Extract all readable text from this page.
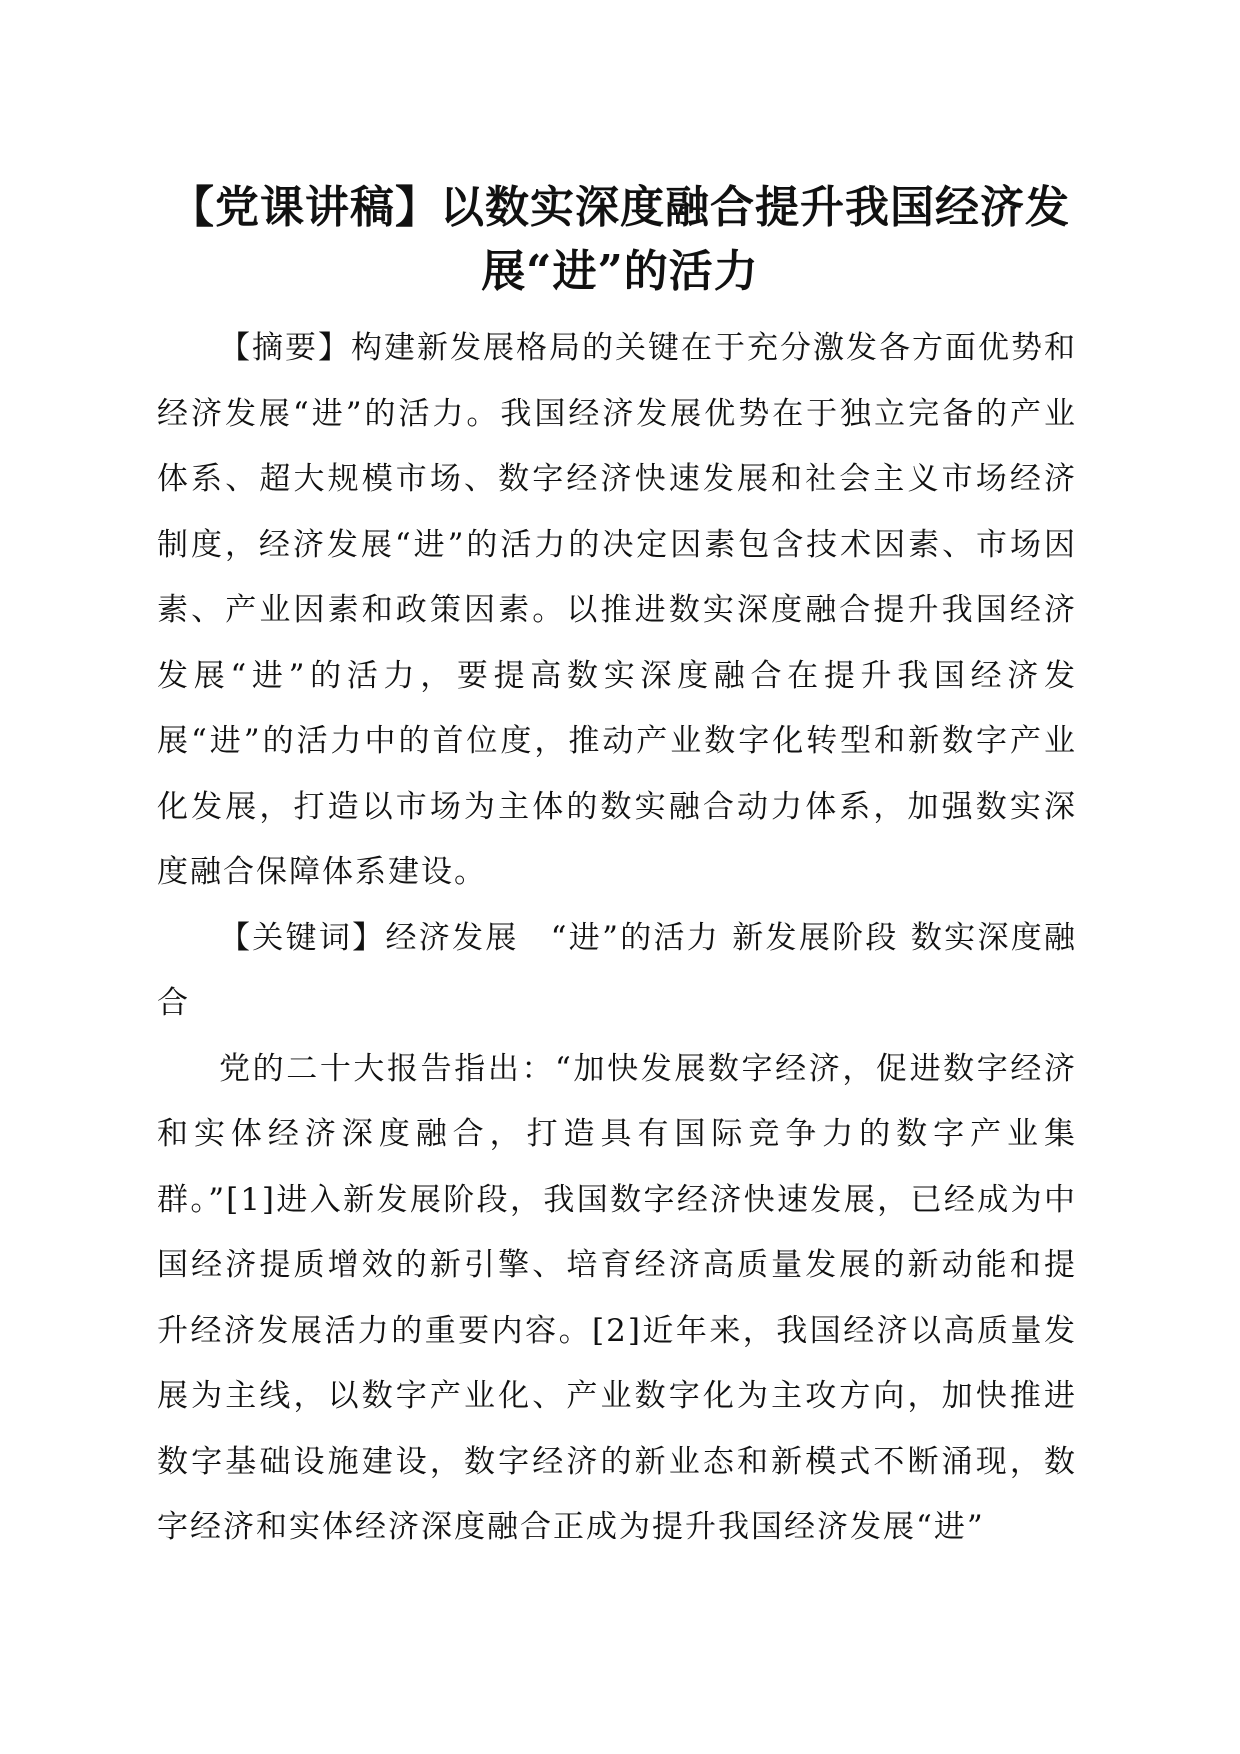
【党课讲稿】以数实深度融合提升我国经济发展“进”的活力

【摘要】构建新发展格局的关键在于充分激发各方面优势和经济发展“进”的活力。我国经济发展优势在于独立完备的产业体系、超大规模市场、数字经济快速发展和社会主义市场经济制度，经济发展“进”的活力的决定因素包含技术因素、市场因素、产业因素和政策因素。以推进数实深度融合提升我国经济发展“进”的活力，要提高数实深度融合在提升我国经济发展“进”的活力中的首位度，推动产业数字化转型和新数字产业化发展，打造以市场为主体的数实融合动力体系，加强数实深度融合保障体系建设。

【关键词】经济发展 “进”的活力 新发展阶段 数实深度融合

党的二十大报告指出：“加快发展数字经济，促进数字经济和实体经济深度融合，打造具有国际竞争力的数字产业集群。”[1]进入新发展阶段，我国数字经济快速发展，已经成为中国经济提质增效的新引擎、培育经济高质量发展的新动能和提升经济发展活力的重要内容。[2]近年来，我国经济以高质量发展为主线，以数字产业化、产业数字化为主攻方向，加快推进数字基础设施建设，数字经济的新业态和新模式不断涌现，数字经济和实体经济深度融合正成为提升我国经济发展“进”
